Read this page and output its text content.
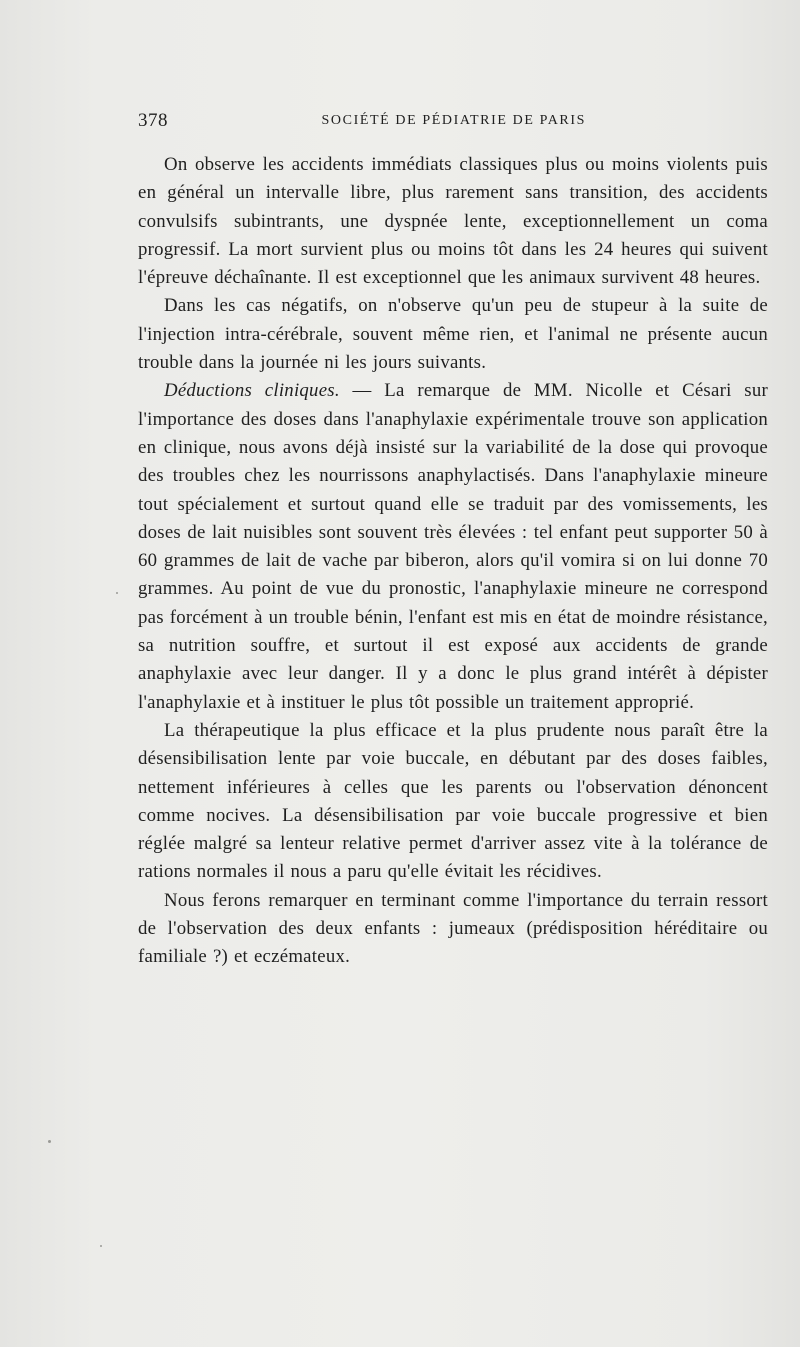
378	SOCIÉTÉ DE PÉDIATRIE DE PARIS

On observe les accidents immédiats classiques plus ou moins violents puis en général un intervalle libre, plus rarement sans transition, des accidents convulsifs subintrants, une dyspnée lente, exceptionnellement un coma progressif. La mort survient plus ou moins tôt dans les 24 heures qui suivent l'épreuve déchaînante. Il est exceptionnel que les animaux survivent 48 heures.

Dans les cas négatifs, on n'observe qu'un peu de stupeur à la suite de l'injection intra-cérébrale, souvent même rien, et l'animal ne présente aucun trouble dans la journée ni les jours suivants.

Déductions cliniques. — La remarque de MM. Nicolle et Césari sur l'importance des doses dans l'anaphylaxie expérimentale trouve son application en clinique, nous avons déjà insisté sur la variabilité de la dose qui provoque des troubles chez les nourrissons anaphylactisés. Dans l'anaphylaxie mineure tout spécialement et surtout quand elle se traduit par des vomissements, les doses de lait nuisibles sont souvent très élevées : tel enfant peut supporter 50 à 60 grammes de lait de vache par biberon, alors qu'il vomira si on lui donne 70 grammes. Au point de vue du pronostic, l'anaphylaxie mineure ne correspond pas forcément à un trouble bénin, l'enfant est mis en état de moindre résistance, sa nutrition souffre, et surtout il est exposé aux accidents de grande anaphylaxie avec leur danger. Il y a donc le plus grand intérêt à dépister l'anaphylaxie et à instituer le plus tôt possible un traitement approprié.

La thérapeutique la plus efficace et la plus prudente nous paraît être la désensibilisation lente par voie buccale, en débutant par des doses faibles, nettement inférieures à celles que les parents ou l'observation dénoncent comme nocives. La désensibilisation par voie buccale progressive et bien réglée malgré sa lenteur relative permet d'arriver assez vite à la tolérance de rations normales il nous a paru qu'elle évitait les récidives.

Nous ferons remarquer en terminant comme l'importance du terrain ressort de l'observation des deux enfants : jumeaux (prédisposition héréditaire ou familiale ?) et eczémateux.
